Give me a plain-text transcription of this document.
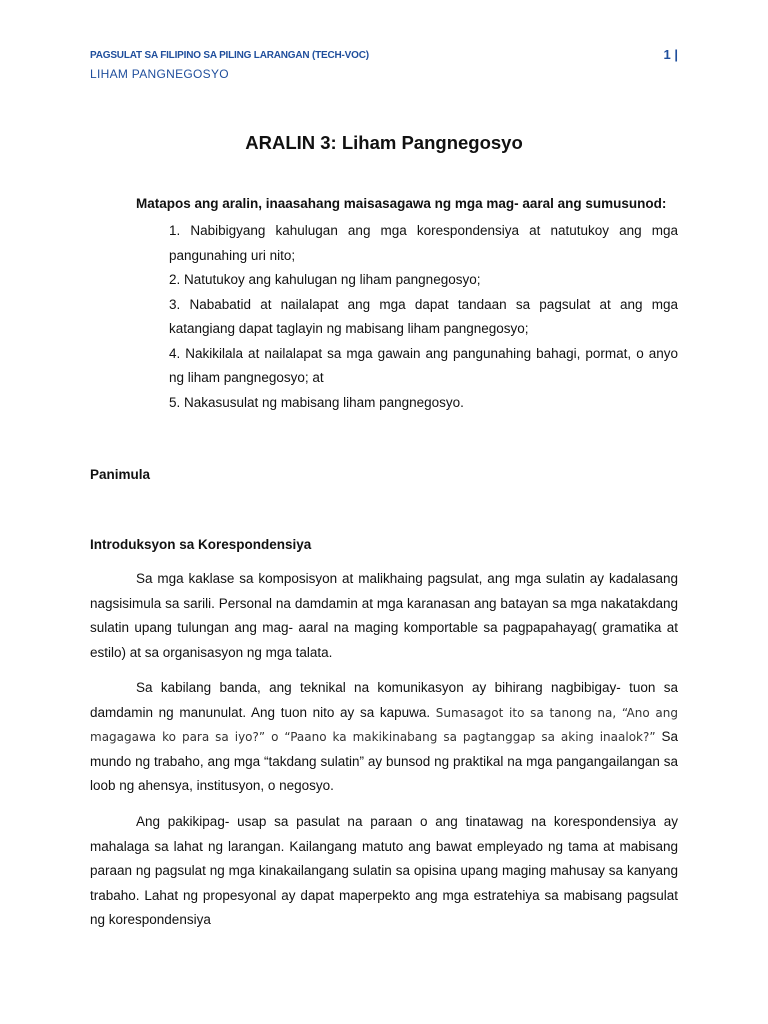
PAGSULAT SA FILIPINO SA PILING LARANGAN (TECH-VOC)	1 |
LIHAM PANGNEGOSYO
ARALIN 3: Liham Pangnegosyo
Matapos ang aralin, inaasahang maisasagawa ng mga mag- aaral ang sumusunod:
1. Nabibigyang kahulugan ang mga korespondensiya at natutukoy ang mga pangunahing uri nito;
2. Natutukoy ang kahulugan ng liham pangnegosyo;
3. Nababatid at nailalapat ang mga dapat tandaan sa pagsulat at ang mga katangiang dapat taglayin ng mabisang liham pangnegosyo;
4. Nakikilala at nailalapat sa mga gawain ang pangunahing bahagi, pormat, o anyo ng liham pangnegosyo; at
5. Nakasusulat ng mabisang liham pangnegosyo.
Panimula
Introduksyon sa Korespondensiya

Sa mga kaklase sa komposisyon at malikhaing pagsulat, ang mga sulatin ay kadalasang nagsisimula sa sarili. Personal na damdamin at mga karanasan ang batayan sa mga nakatakdang sulatin upang tulungan ang mag- aaral na maging komportable sa pagpapahayag( gramatika at estilo) at sa organisasyon ng mga talata.

Sa kabilang banda, ang teknikal na komunikasyon ay bihirang nagbibigay- tuon sa damdamin ng manunulat. Ang tuon nito ay sa kapuwa. Sumasagot ito sa tanong na, “Ano ang magagawa ko para sa iyo?” o “Paano ka makikinabang sa pagtanggap sa aking inaalok?” Sa mundo ng trabaho, ang mga “takdang sulatin” ay bunsod ng praktikal na mga pangangailangan sa loob ng ahensya, institusyon, o negosyo.

Ang pakikipag- usap sa pasulat na paraan o ang tinatawag na korespondensiya ay mahalaga sa lahat ng larangan. Kailangang matuto ang bawat empleyado ng tama at mabisang paraan ng pagsulat ng mga kinakailangang sulatin sa opisina upang maging mahusay sa kanyang trabaho. Lahat ng propesyonal ay dapat maperpekto ang mga estratehiya sa mabisang pagsulat ng korespondensiya
